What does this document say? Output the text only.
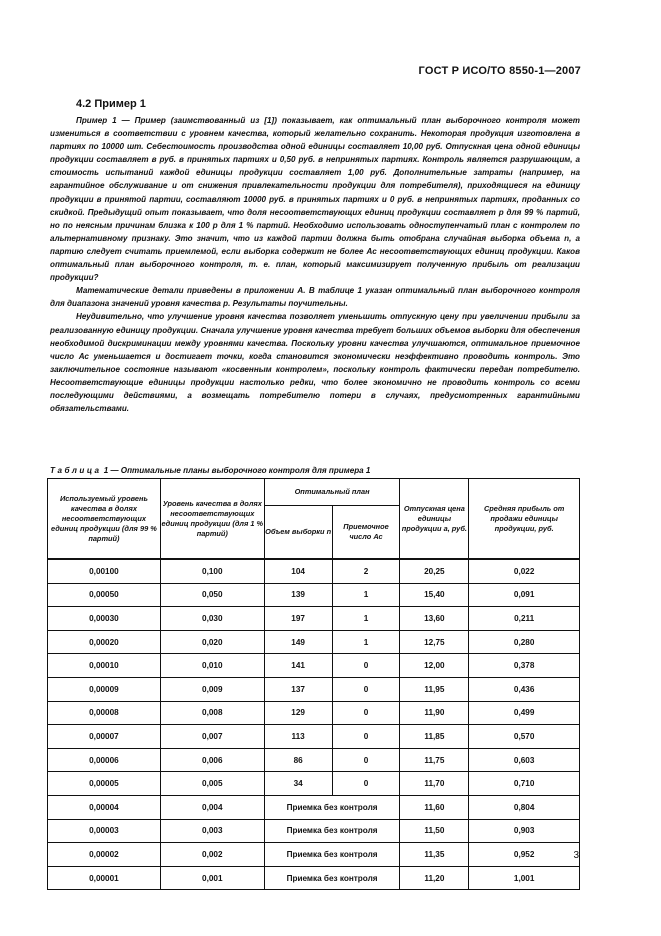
ГОСТ Р ИСО/ТО 8550-1—2007
4.2 Пример 1

Пример 1 — Пример (заимствованный из [1]) показывает, как оптимальный план выборочного контроля может измениться в соответствии с уровнем качества, который желательно сохранить. Некоторая продукция изготовлена в партиях по 10000 шт. Себестоимость производства одной единицы составляет 10,00 руб. Отпускная цена одной единицы продукции составляет в руб. в принятых партиях и 0,50 руб. в непринятых партиях. Контроль является разрушающим, а стоимость испытаний каждой единицы продукции составляет 1,00 руб. Дополнительные затраты (например, на гарантийное обслуживание и от снижения привлекательности продукции для потребителя), приходящиеся на единицу продукции в принятой партии, составляют 10000 руб. в принятых партиях и 0 руб. в непринятых партиях, проданных со скидкой. Предыдущий опыт показывает, что доля несоответствующих единиц продукции составляет р для 99 % партий, но по неясным причинам близка к 100 р для 1 % партий. Необходимо использовать одноступенчатый план с контролем по альтернативному признаку. Это значит, что из каждой партии должна быть отобрана случайная выборка объема n, а партию следует считать приемлемой, если выборка содержит не более Ас несоответствующих единиц продукции. Каков оптимальный план выборочного контроля, т. е. план, который максимизирует полученную прибыль от реализации продукции?

Математические детали приведены в приложении А. В таблице 1 указан оптимальный план выборочного контроля для диапазона значений уровня качества р. Результаты поучительны.

Неудивительно, что улучшение уровня качества позволяет уменьшить отпускную цену при увеличении прибыли за реализованную единицу продукции. Сначала улучшение уровня качества требует больших объемов выборки для обеспечения необходимой дискриминации между уровнями качества. Поскольку уровни качества улучшаются, оптимальное приемочное число Ас уменьшается и достигает точки, когда становится экономически неэффективно проводить контроль. Это заключительное состояние называют «косвенным контролем», поскольку контроль фактически передан потребителю. Несоответствующие единицы продукции настолько редки, что более экономично не проводить контроль со всеми последующими действиями, а возмещать потребителю потери в случаях, предусмотренных гарантийными обязательствами.

Таблица 1 — Оптимальные планы выборочного контроля для примера 1
Используемый уровень качества в долях несоответствующих единиц продукции (для 99 % партий)	Уровень качества в долях несоответствующих единиц продукции (для 1 % партий)	Оптимальный план		Отпускная цена единицы продукции а, руб.	Средняя прибыль от продажи единицы продукции, руб.
		Объем выборки n	Приемочное число Ас		
0,00100	0,100	104	2	20,25	0,022
0,00050	0,050	139	1	15,40	0,091
0,00030	0,030	197	1	13,60	0,211
0,00020	0,020	149	1	12,75	0,280
0,00010	0,010	141	0	12,00	0,378
0,00009	0,009	137	0	11,95	0,436
0,00008	0,008	129	0	11,90	0,499
0,00007	0,007	113	0	11,85	0,570
0,00006	0,006	86	0	11,75	0,603
0,00005	0,005	34	0	11,70	0,710
0,00004	0,004	Приемка без контроля		11,60	0,804
0,00003	0,003	Приемка без контроля		11,50	0,903
0,00002	0,002	Приемка без контроля		11,35	0,952
0,00001	0,001	Приемка без контроля		11,20	1,001
3
